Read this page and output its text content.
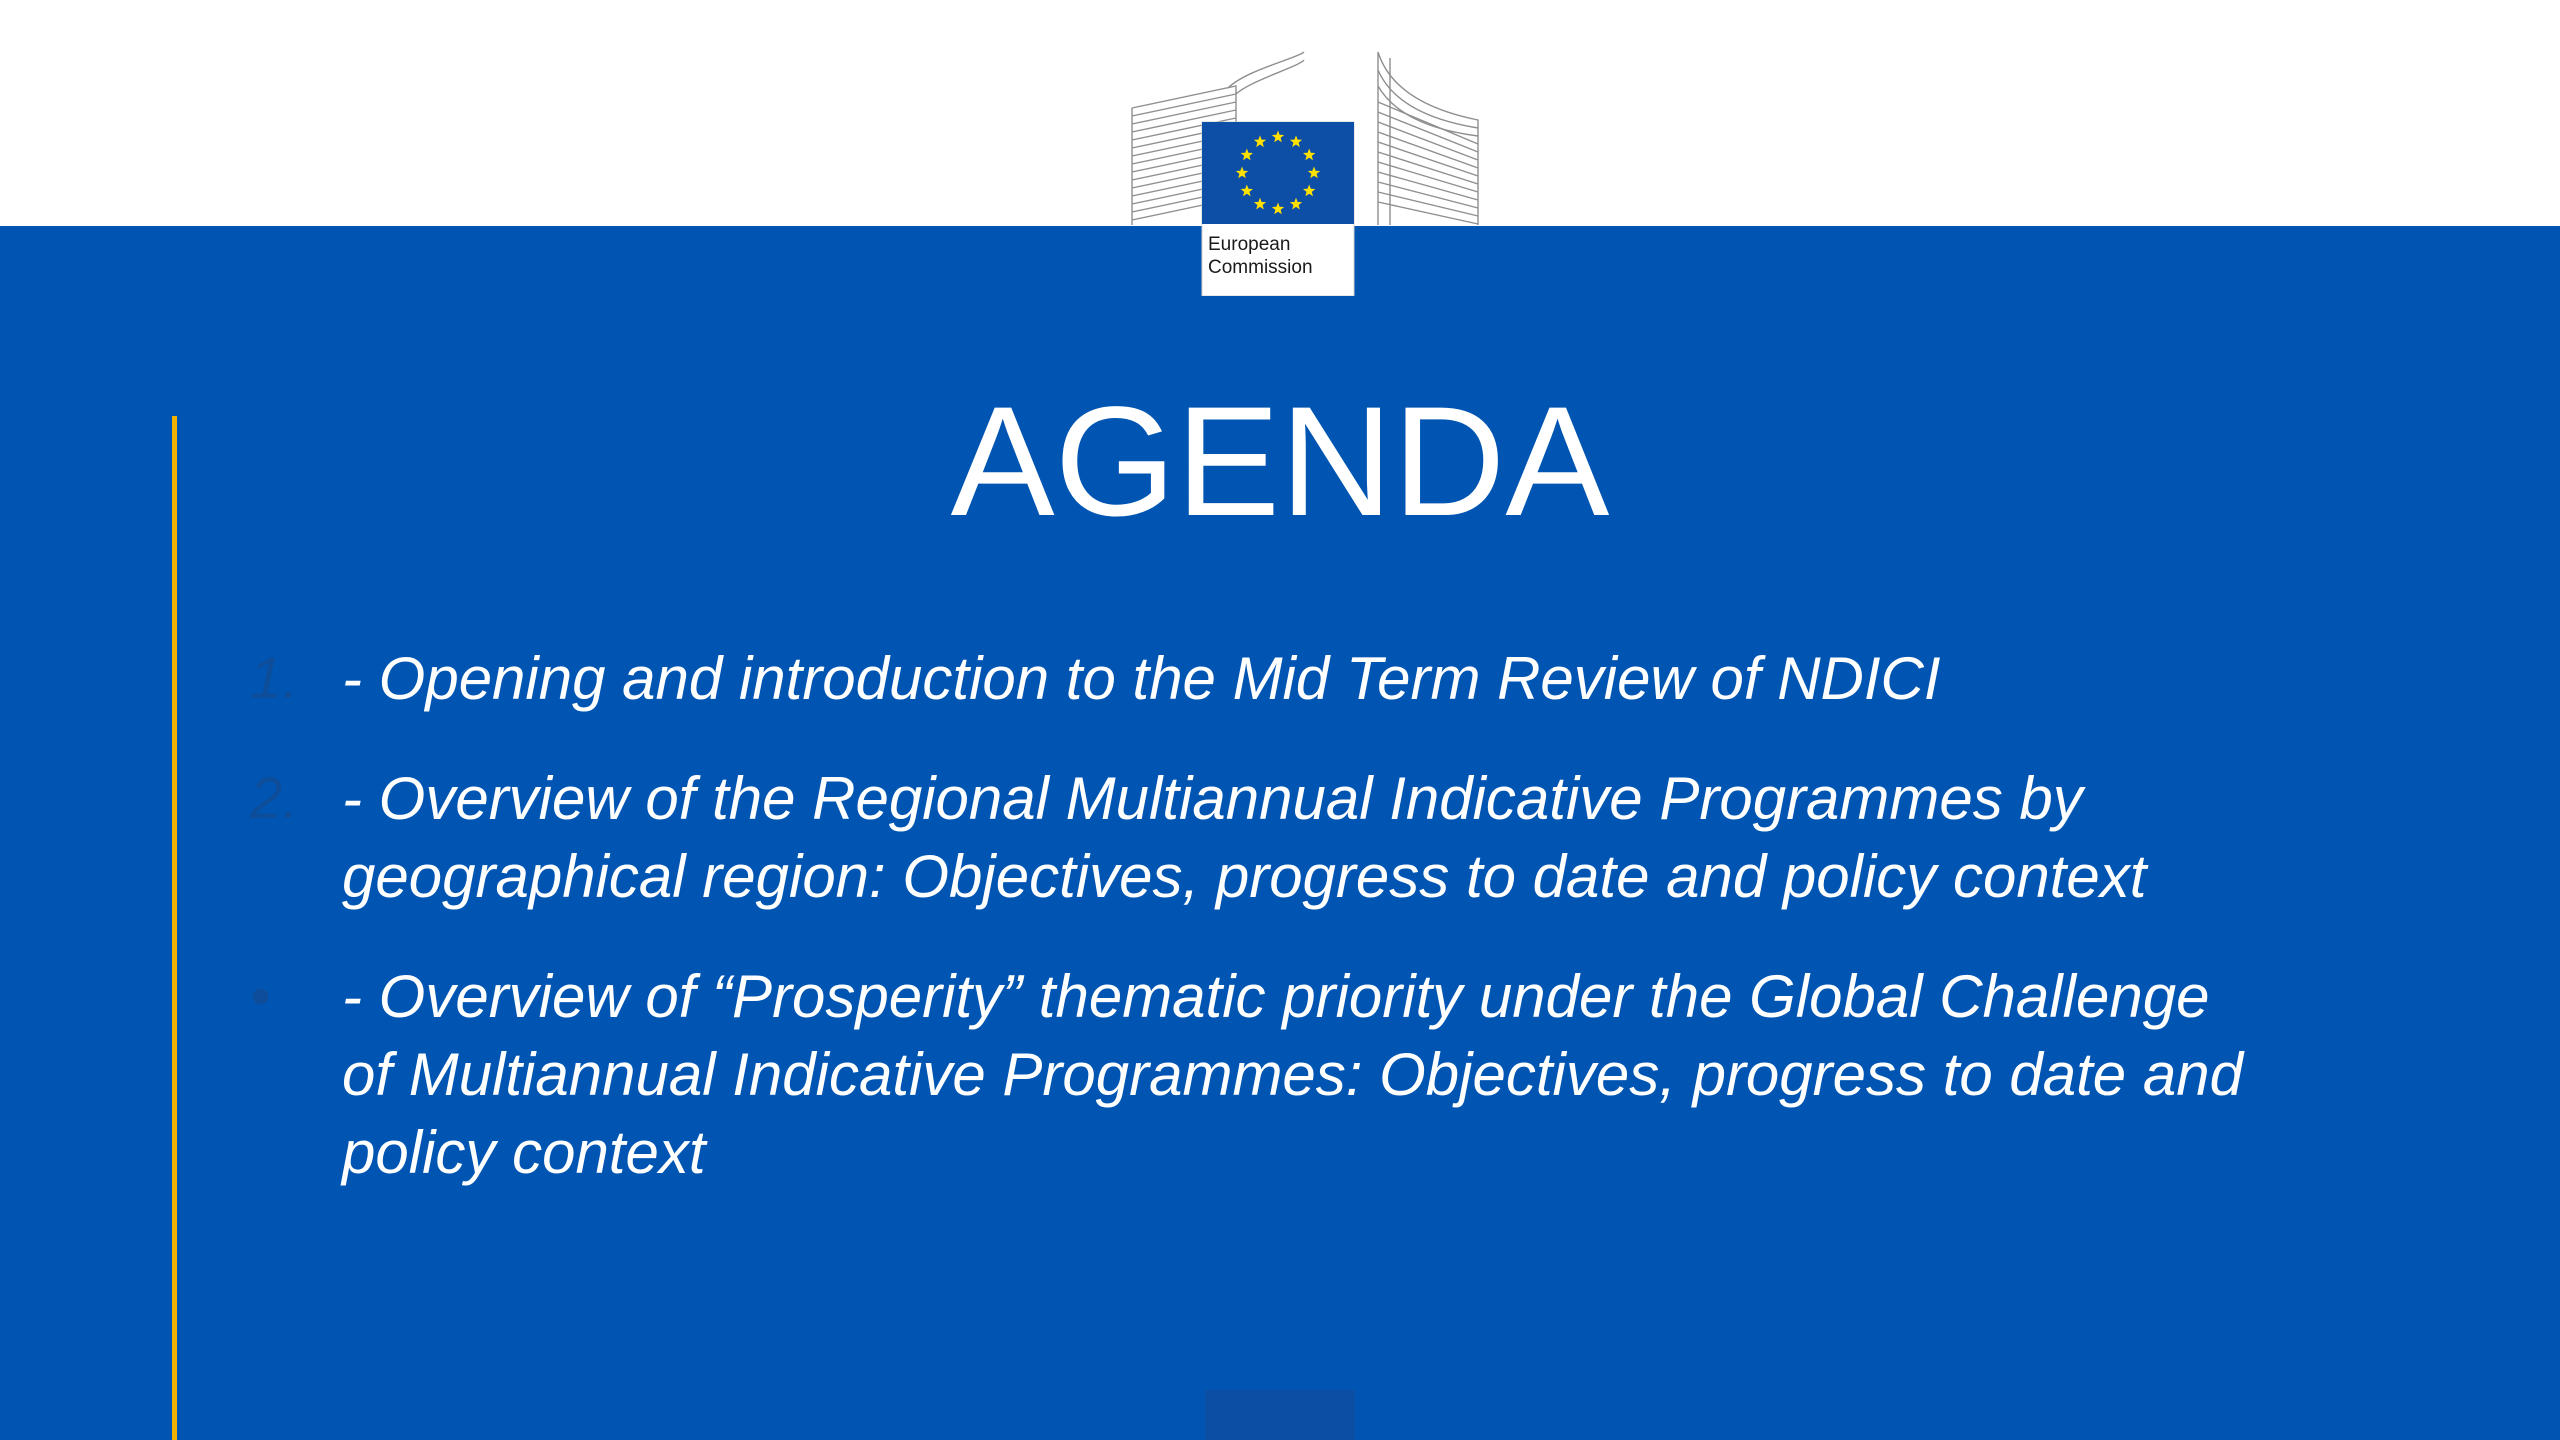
European
Commission
AGENDA
1. - Opening and introduction to the Mid Term Review of NDICI
2. - Overview of the Regional Multiannual Indicative Programmes by
geographical region: Objectives, progress to date and policy context
•	- Overview of “Prosperity” thematic priority under the Global Challenge
of Multiannual Indicative Programmes: Objectives, progress to date and
policy context
